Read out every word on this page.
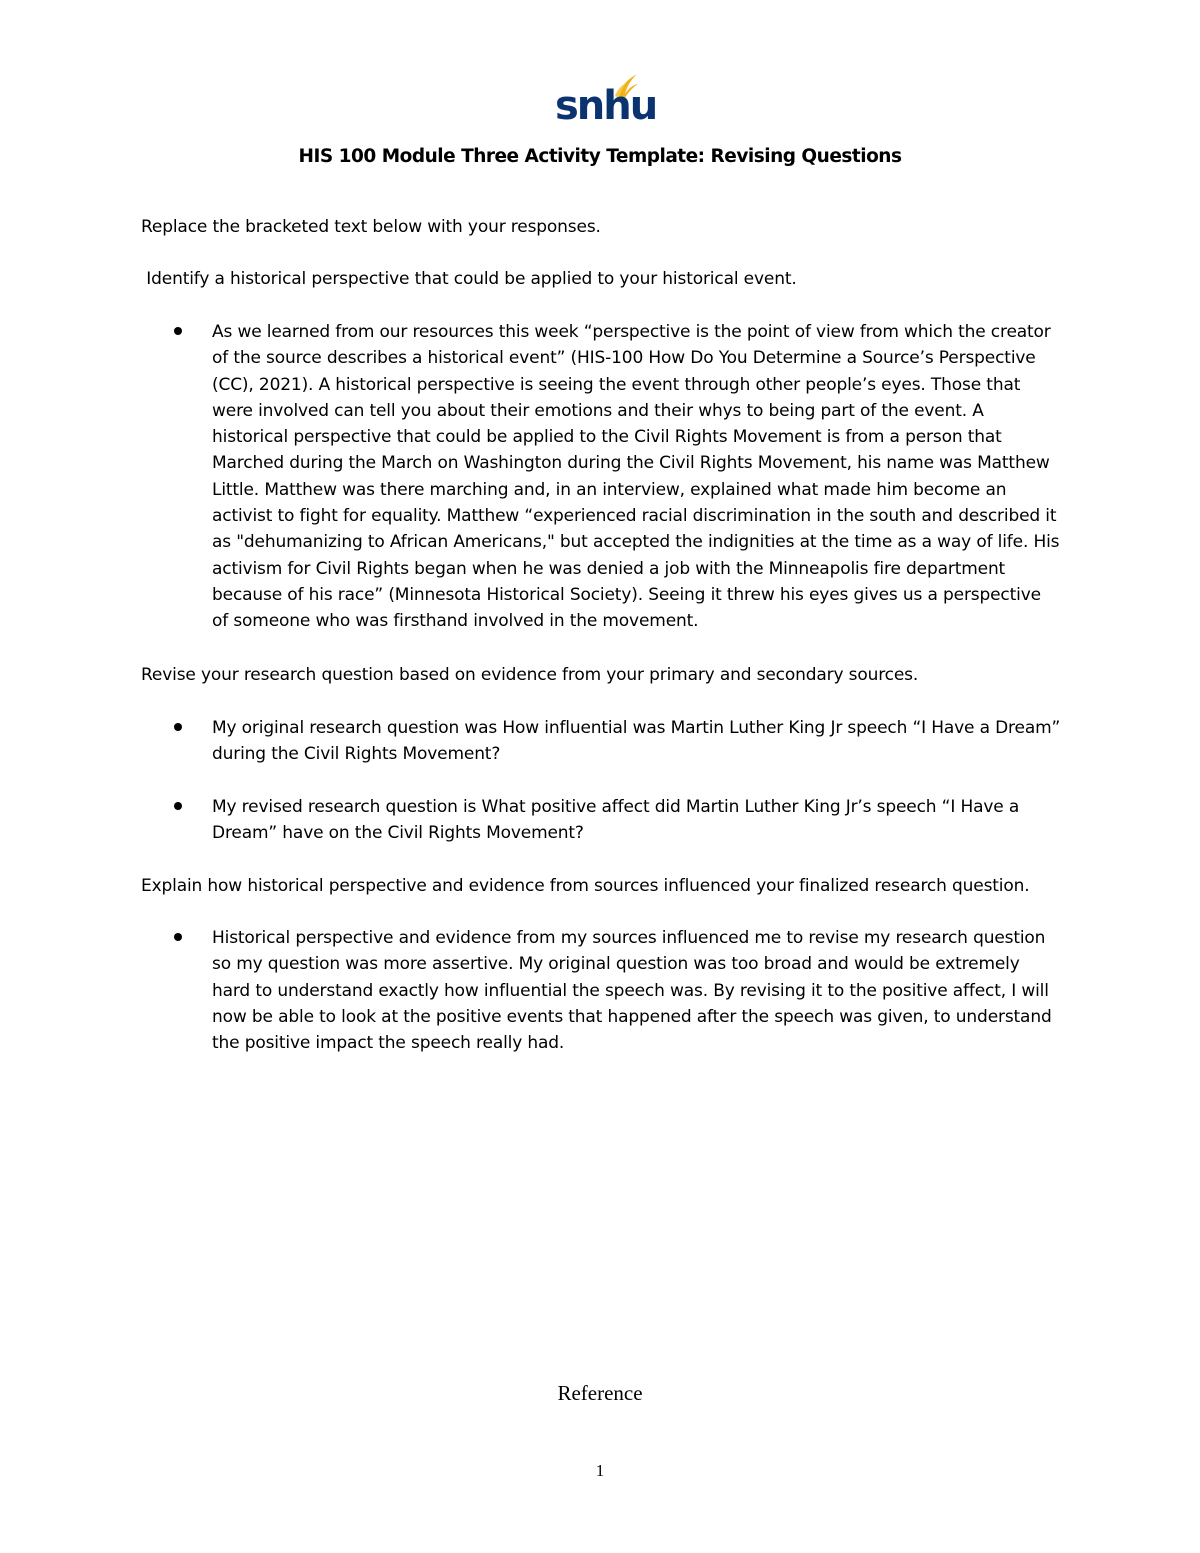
snhu
HIS 100 Module Three Activity Template: Revising Questions
Replace the bracketed text below with your responses.
Identify a historical perspective that could be applied to your historical event.
As we learned from our resources this week “perspective is the point of view from which the creator of the source describes a historical event” (HIS-100 How Do You Determine a Source’s Perspective (CC), 2021). A historical perspective is seeing the event through other people’s eyes. Those that were involved can tell you about their emotions and their whys to being part of the event. A historical perspective that could be applied to the Civil Rights Movement is from a person that Marched during the March on Washington during the Civil Rights Movement, his name was Matthew Little. Matthew was there marching and, in an interview, explained what made him become an activist to fight for equality. Matthew “experienced racial discrimination in the south and described it as "dehumanizing to African Americans," but accepted the indignities at the time as a way of life. His activism for Civil Rights began when he was denied a job with the Minneapolis fire department because of his race” (Minnesota Historical Society). Seeing it threw his eyes gives us a perspective of someone who was firsthand involved in the movement.
Revise your research question based on evidence from your primary and secondary sources.
My original research question was How influential was Martin Luther King Jr speech “I Have a Dream” during the Civil Rights Movement?
My revised research question is What positive affect did Martin Luther King Jr’s speech “I Have a Dream” have on the Civil Rights Movement?
Explain how historical perspective and evidence from sources influenced your finalized research question.
Historical perspective and evidence from my sources influenced me to revise my research question so my question was more assertive. My original question was too broad and would be extremely hard to understand exactly how influential the speech was. By revising it to the positive affect, I will now be able to look at the positive events that happened after the speech was given, to understand the positive impact the speech really had.
Reference
1
